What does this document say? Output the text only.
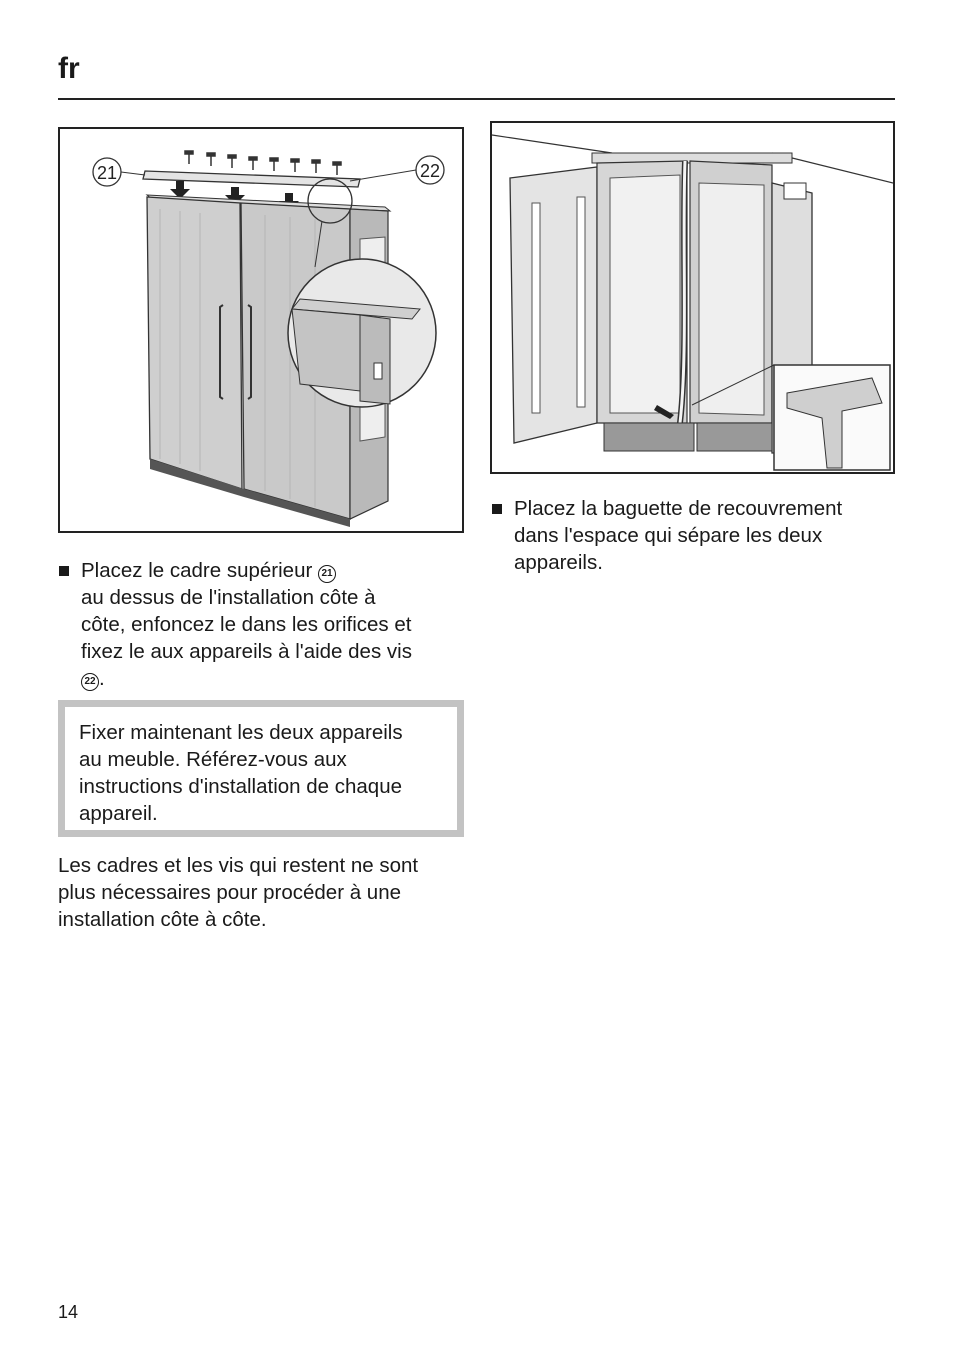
fr
21	22
Placez le cadre supérieur 21
au dessus de l'installation côte à
côte, enfoncez le dans les orifices et
fixez le aux appareils à l'aide des vis
22 .
Fixer maintenant les deux appareils
au meuble. Référez-vous aux
instructions d'installation de chaque
appareil.
Les cadres et les vis qui restent ne sont
plus nécessaires pour procéder à une
installation côte à côte.
Placez la baguette de recouvrement
dans l'espace qui sépare les deux
appareils.
14
